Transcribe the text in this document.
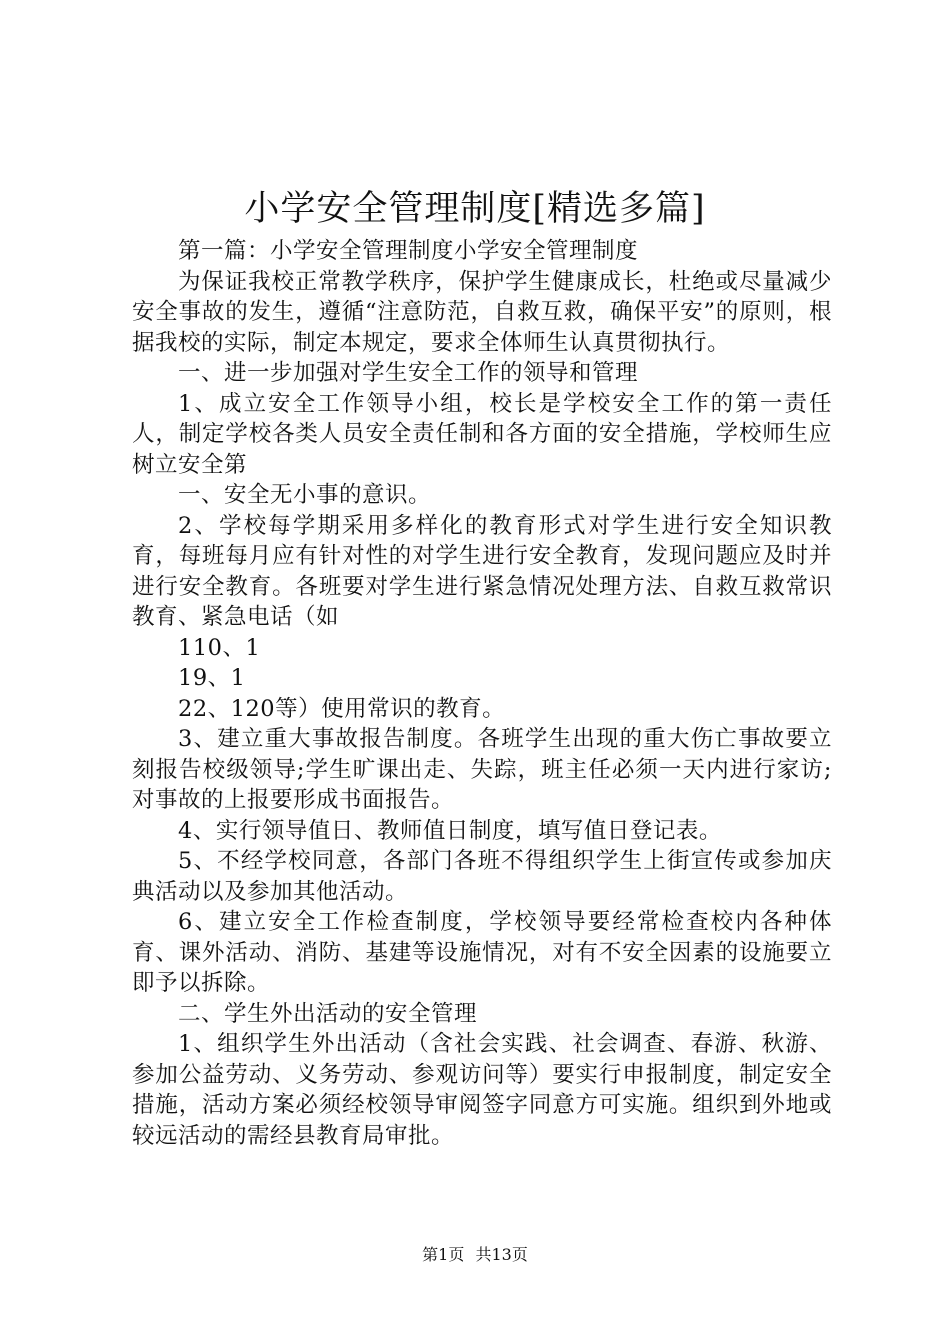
小学安全管理制度[精选多篇]

第一篇：小学安全管理制度小学安全管理制度

为保证我校正常教学秩序，保护学生健康成长，杜绝或尽量减少安全事故的发生，遵循“注意防范，自救互救，确保平安”的原则，根据我校的实际，制定本规定，要求全体师生认真贯彻执行。

一、进一步加强对学生安全工作的领导和管理

1、成立安全工作领导小组，校长是学校安全工作的第一责任人，制定学校各类人员安全责任制和各方面的安全措施，学校师生应树立安全第

一、安全无小事的意识。

2、学校每学期采用多样化的教育形式对学生进行安全知识教育，每班每月应有针对性的对学生进行安全教育，发现问题应及时并进行安全教育。各班要对学生进行紧急情况处理方法、自救互救常识教育、紧急电话（如

110、1

19、1

22、120等）使用常识的教育。

3、建立重大事故报告制度。各班学生出现的重大伤亡事故要立刻报告校级领导;学生旷课出走、失踪，班主任必须一天内进行家访;对事故的上报要形成书面报告。

4、实行领导值日、教师值日制度，填写值日登记表。

5、不经学校同意，各部门各班不得组织学生上街宣传或参加庆典活动以及参加其他活动。

6、建立安全工作检查制度，学校领导要经常检查校内各种体育、课外活动、消防、基建等设施情况，对有不安全因素的设施要立即予以拆除。

二、学生外出活动的安全管理

1、组织学生外出活动（含社会实践、社会调查、春游、秋游、参加公益劳动、义务劳动、参观访问等）要实行申报制度，制定安全措施，活动方案必须经校领导审阅签字同意方可实施。组织到外地或较远活动的需经县教育局审批。

第1页 共13页
